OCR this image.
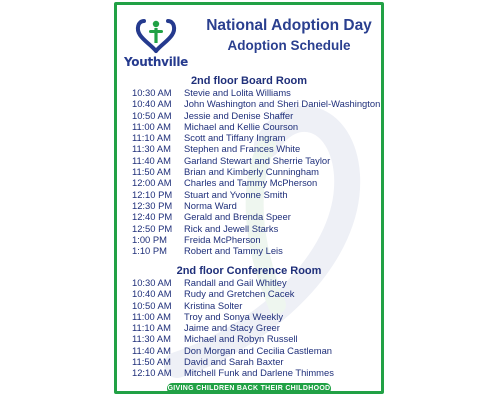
Youthville
National Adoption Day
Adoption Schedule
2nd floor Board Room
10:30 AM	Stevie and Lolita Williams
10:40 AM	John Washington and Sheri Daniel-Washington
10:50 AM	Jessie and Denise Shaffer
11:00 AM	Michael and Kellie Courson
11:10 AM	Scott and Tiffany Ingram
11:30 AM	Stephen and Frances White
11:40 AM	Garland Stewart and Sherrie Taylor
11:50 AM	Brian and Kimberly Cunningham
12:00 AM	Charles and Tammy McPherson
12:10 PM	Stuart and Yvonne Smith
12:30 PM	Norma Ward
12:40 PM	Gerald and Brenda Speer
12:50 PM	Rick and Jewell Starks
1:00 PM	Freida McPherson
1:10 PM	Robert and Tammy Leis
2nd floor Conference Room
10:30 AM	Randall and Gail Whitley
10:40 AM	Rudy and Gretchen Cacek
10:50 AM	Kristina Solter
11:00 AM	Troy and Sonya Weekly
11:10 AM	Jaime and Stacy Greer
11:30 AM	Michael and Robyn Russell
11:40 AM	Don Morgan and Cecilia Castleman
11:50 AM	David and Sarah Baxter
12:10 AM	Mitchell Funk and Darlene Thimmes
GIVING CHILDREN BACK THEIR CHILDHOOD
